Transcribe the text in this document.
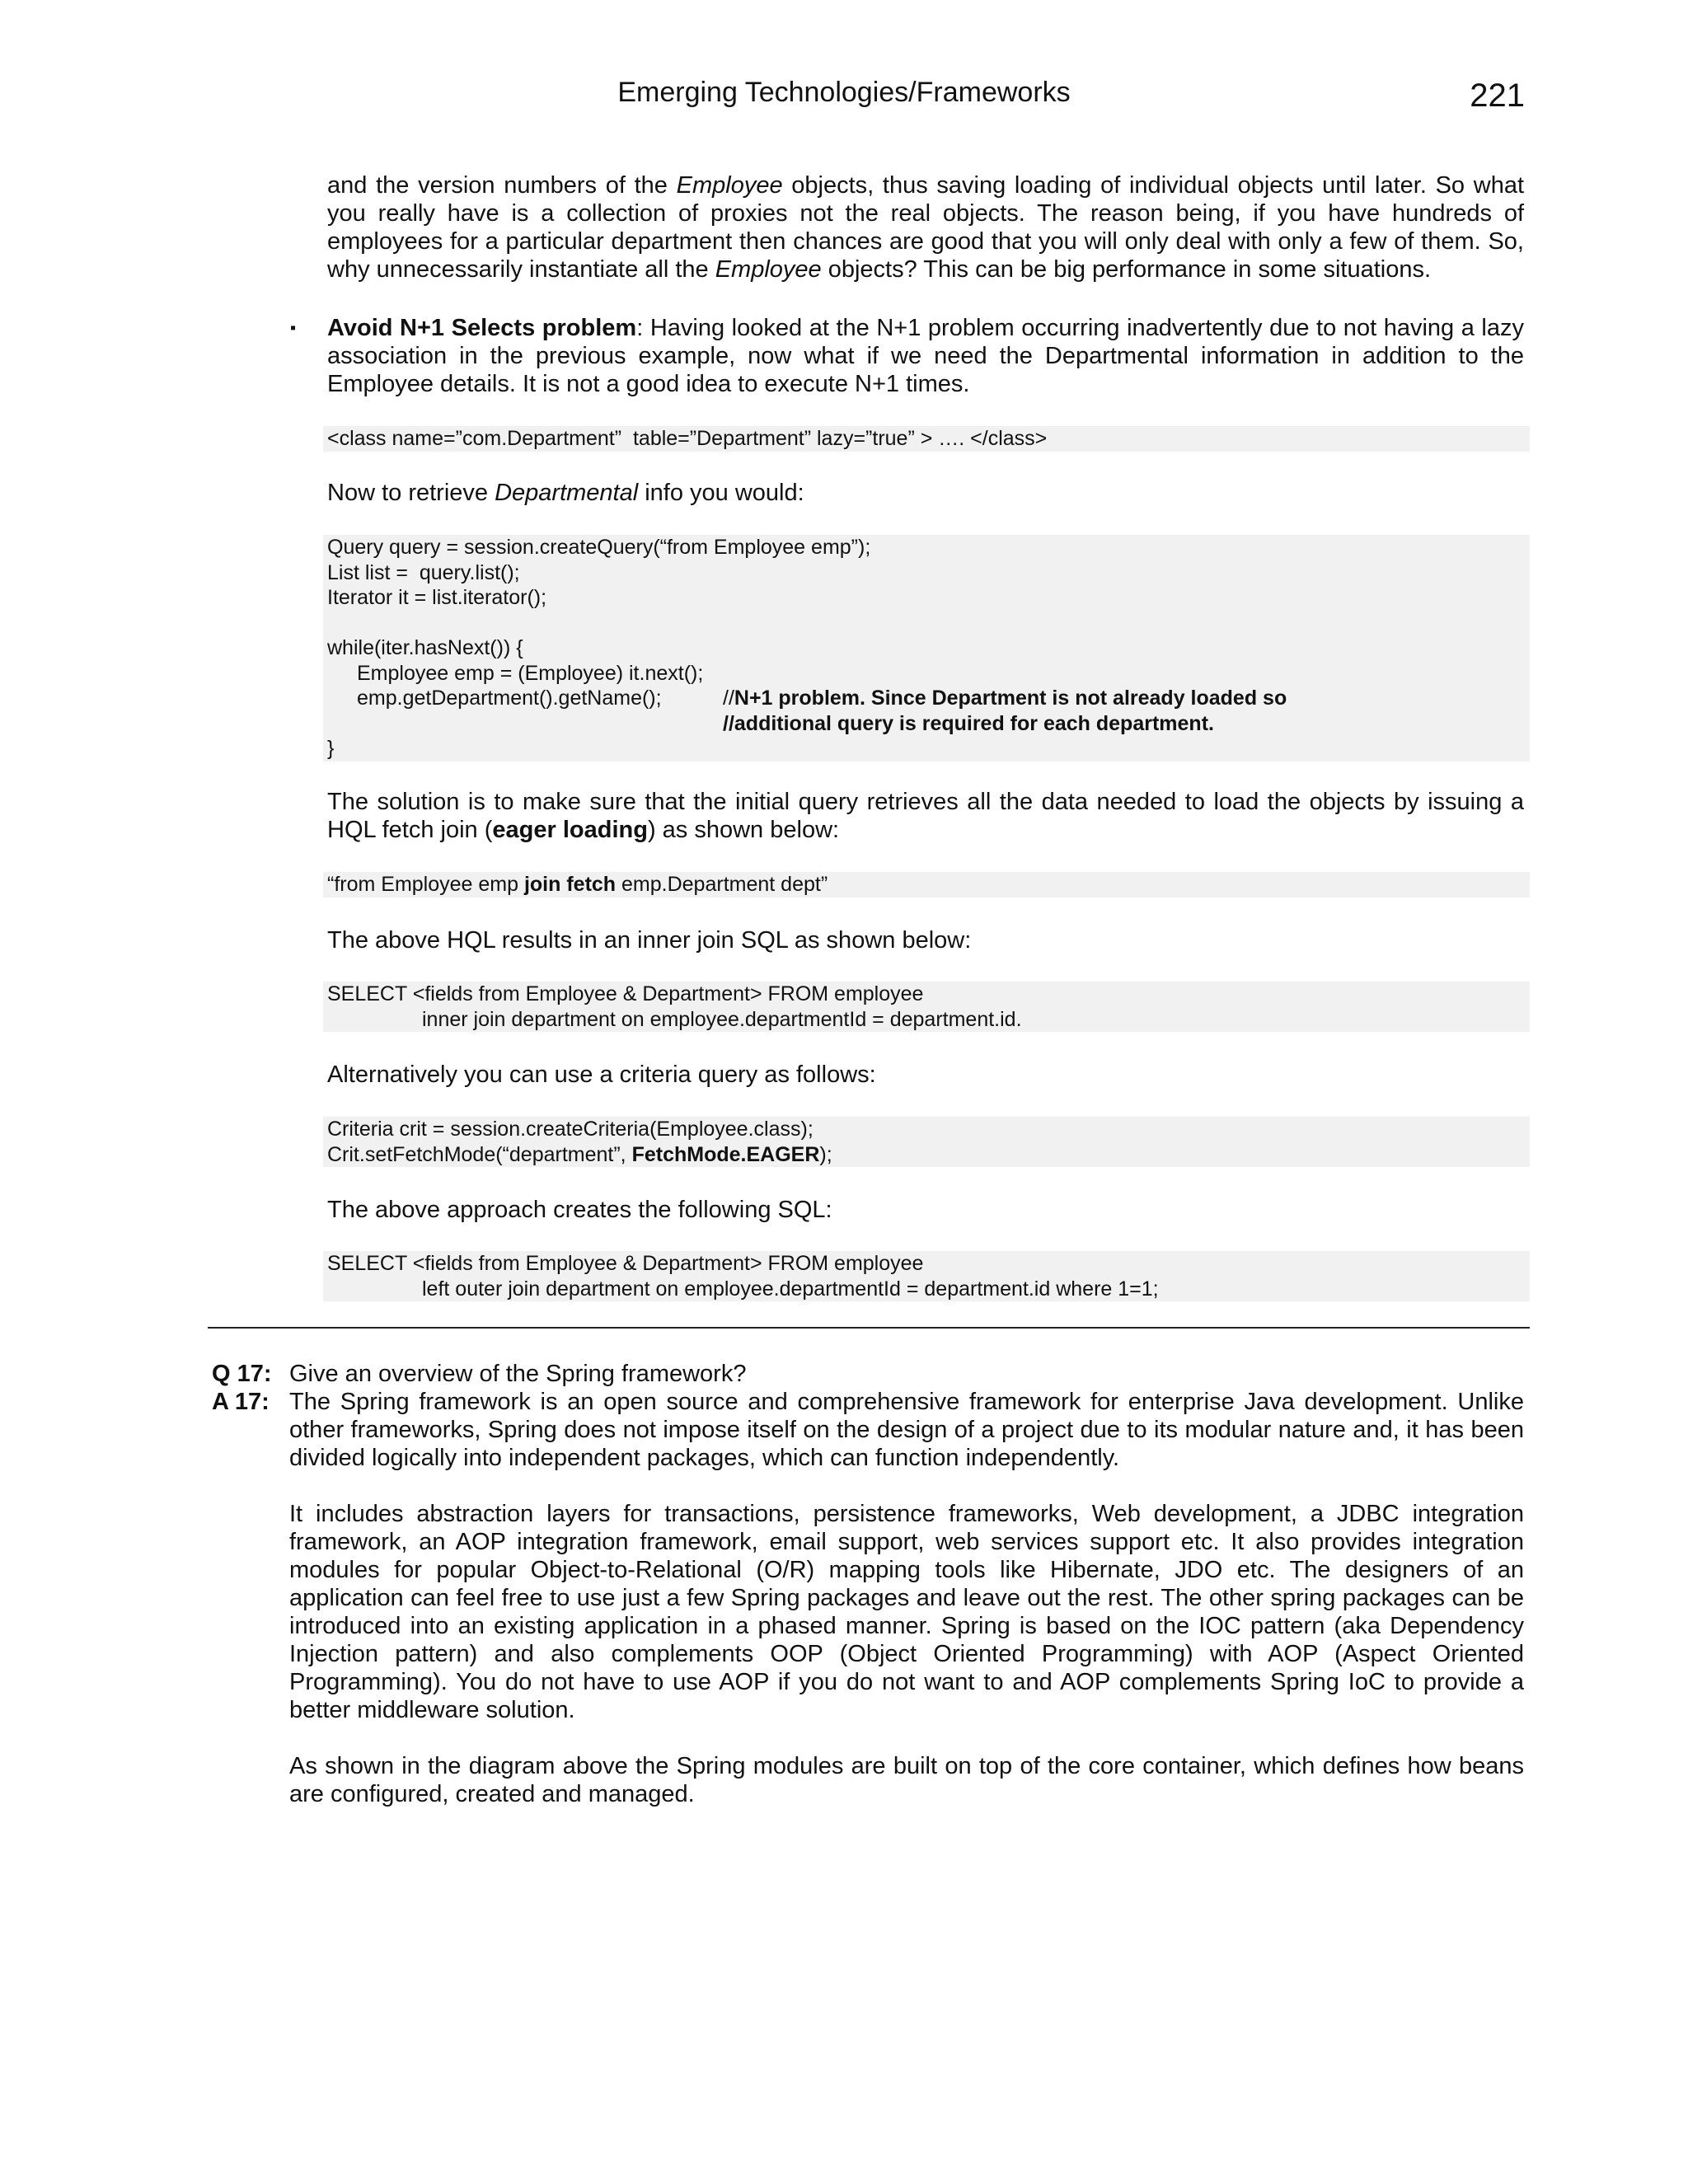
Emerging Technologies/Frameworks	221

and the version numbers of the Employee objects, thus saving loading of individual objects until later. So what you really have is a collection of proxies not the real objects. The reason being, if you have hundreds of employees for a particular department then chances are good that you will only deal with only a few of them. So, why unnecessarily instantiate all the Employee objects? This can be big performance in some situations.

▪ Avoid N+1 Selects problem: Having looked at the N+1 problem occurring inadvertently due to not having a lazy association in the previous example, now what if we need the Departmental information in addition to the Employee details. It is not a good idea to execute N+1 times.

<class name=”com.Department”  table=”Department” lazy=”true” > …. </class>

Now to retrieve Departmental info you would:

Query query = session.createQuery(“from Employee emp”);
List list =  query.list();
Iterator it = list.iterator();
while(iter.hasNext()) {
Employee emp = (Employee) it.next();
emp.getDepartment().getName();	//N+1 problem. Since Department is not already loaded so
//additional query is required for each department.
}

The solution is to make sure that the initial query retrieves all the data needed to load the objects by issuing a HQL fetch join (eager loading) as shown below:

“from Employee emp join fetch emp.Department dept”

The above HQL results in an inner join SQL as shown below:

SELECT <fields from Employee & Department> FROM employee
inner join department on employee.departmentId = department.id.

Alternatively you can use a criteria query as follows:

Criteria crit = session.createCriteria(Employee.class);
Crit.setFetchMode(“department”, FetchMode.EAGER);

The above approach creates the following SQL:

SELECT <fields from Employee & Department> FROM employee
left outer join department on employee.departmentId = department.id where 1=1;
Q 17: Give an overview of the Spring framework?

A 17: The Spring framework is an open source and comprehensive framework for enterprise Java development. Unlike other frameworks, Spring does not impose itself on the design of a project due to its modular nature and, it has been divided logically into independent packages, which can function independently.

It includes abstraction layers for transactions, persistence frameworks, Web development, a JDBC integration framework, an AOP integration framework, email support, web services support etc. It also provides integration modules for popular Object-to-Relational (O/R) mapping tools like Hibernate, JDO etc. The designers of an application can feel free to use just a few Spring packages and leave out the rest. The other spring packages can be introduced into an existing application in a phased manner. Spring is based on the IOC pattern (aka Dependency Injection pattern) and also complements OOP (Object Oriented Programming) with AOP (Aspect Oriented Programming). You do not have to use AOP if you do not want to and AOP complements Spring IoC to provide a better middleware solution.

As shown in the diagram above the Spring modules are built on top of the core container, which defines how beans are configured, created and managed.
